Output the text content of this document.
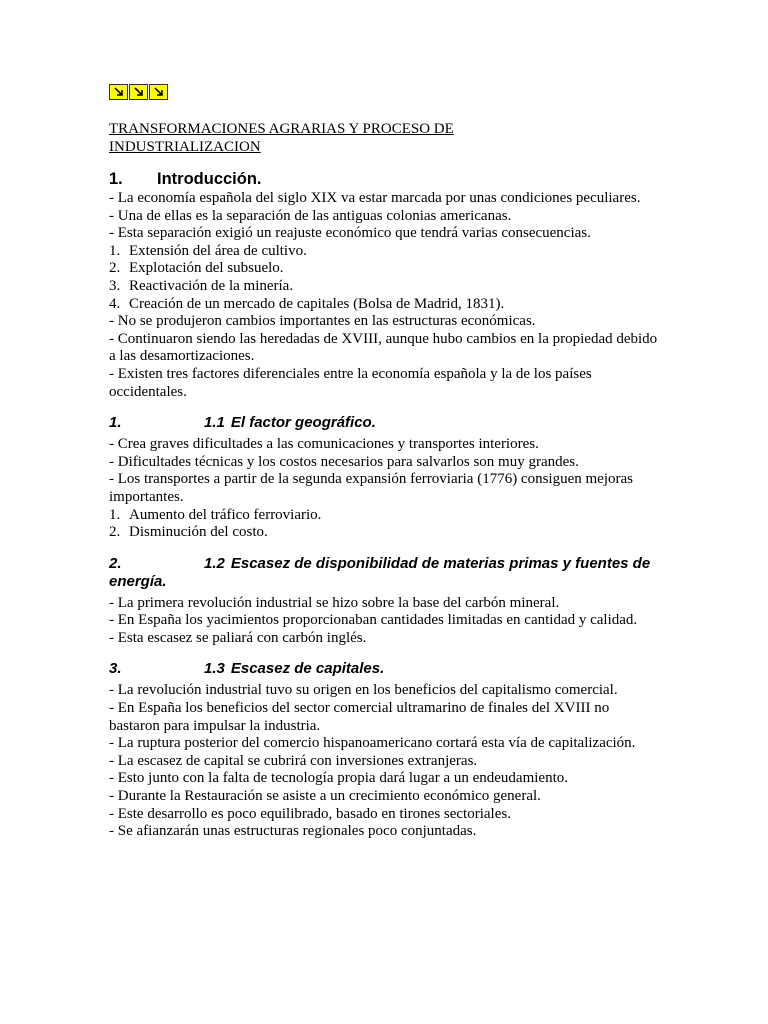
TRANSFORMACIONES AGRARIAS Y PROCESO DE
INDUSTRIALIZACION
1.	Introducción.
- La economía española del siglo XIX va estar marcada por unas condiciones peculiares.
- Una de ellas es la separación de las antiguas colonias americanas.
- Esta separación exigió un reajuste económico que tendrá varias consecuencias.
1. Extensión del área de cultivo.
2. Explotación del subsuelo.
3. Reactivación de la minería.
4. Creación de un mercado de capitales (Bolsa de Madrid, 1831).
- No se produjeron cambios importantes en las estructuras económicas.
- Continuaron siendo las heredadas de XVIII, aunque hubo cambios en la propiedad debido a las desamortizaciones.
- Existen tres factores diferenciales entre la economía española y la de los países occidentales.
1.	1.1 El factor geográfico.
- Crea graves dificultades a las comunicaciones y transportes interiores.
- Dificultades técnicas y los costos necesarios para salvarlos son muy grandes.
- Los transportes a partir de la segunda expansión ferroviaria (1776) consiguen mejoras importantes.
1. Aumento del tráfico ferroviario.
2. Disminución del costo.
2.	1.2 Escasez de disponibilidad de materias primas y fuentes de energía.
- La primera revolución industrial se hizo sobre la base del carbón mineral.
- En España los yacimientos proporcionaban cantidades limitadas en cantidad y calidad.
- Esta escasez se paliará con carbón inglés.
3.	1.3 Escasez de capitales.
- La revolución industrial tuvo su origen en los beneficios del capitalismo comercial.
- En España los beneficios del sector comercial ultramarino de finales del XVIII no bastaron para impulsar la industria.
- La ruptura posterior del comercio hispanoamericano cortará esta vía de capitalización.
- La escasez de capital se cubrirá con inversiones extranjeras.
- Esto junto con la falta de tecnología propia dará lugar a un endeudamiento.
- Durante la Restauración se asiste a un crecimiento económico general.
- Este desarrollo es poco equilibrado, basado en tirones sectoriales.
- Se afianzarán unas estructuras regionales poco conjuntadas.
